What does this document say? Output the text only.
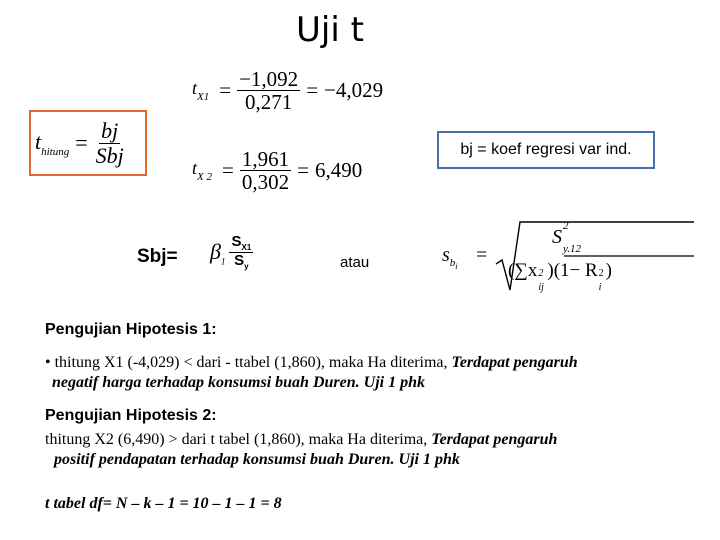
Uji t
$t_{X1} = \frac{-1,092}{0,271} = -4,029$
$t_{hitung} = \frac{bj}{\text{Sbj}}$	bj = koef regresi var ind.
$t_{X 2} = \frac{1,961}{0,302} = 6,490$
$Sbj= \beta_1 \frac{S_{X1}}{S_y}$	atau	$s_{b_i}$
=
S 2
$_{y.12}$
(∑x 2
ij
)(1− R 2
i
)
Pengujian Hipotesis 1:
• thitung X1 (-4,029) < dari - ttabel (1,860), maka Ha diterima, Terdapat pengaruh
negatif harga terhadap konsumsi buah Duren. Uji 1 phk
Pengujian Hipotesis 2:
thitung X2 (6,490) > dari t tabel (1,860), maka Ha diterima, Terdapat pengaruh
positif pendapatan terhadap konsumsi buah Duren. Uji 1 phk
t tabel df= N – k – 1 = 10 – 1 – 1 = 8
